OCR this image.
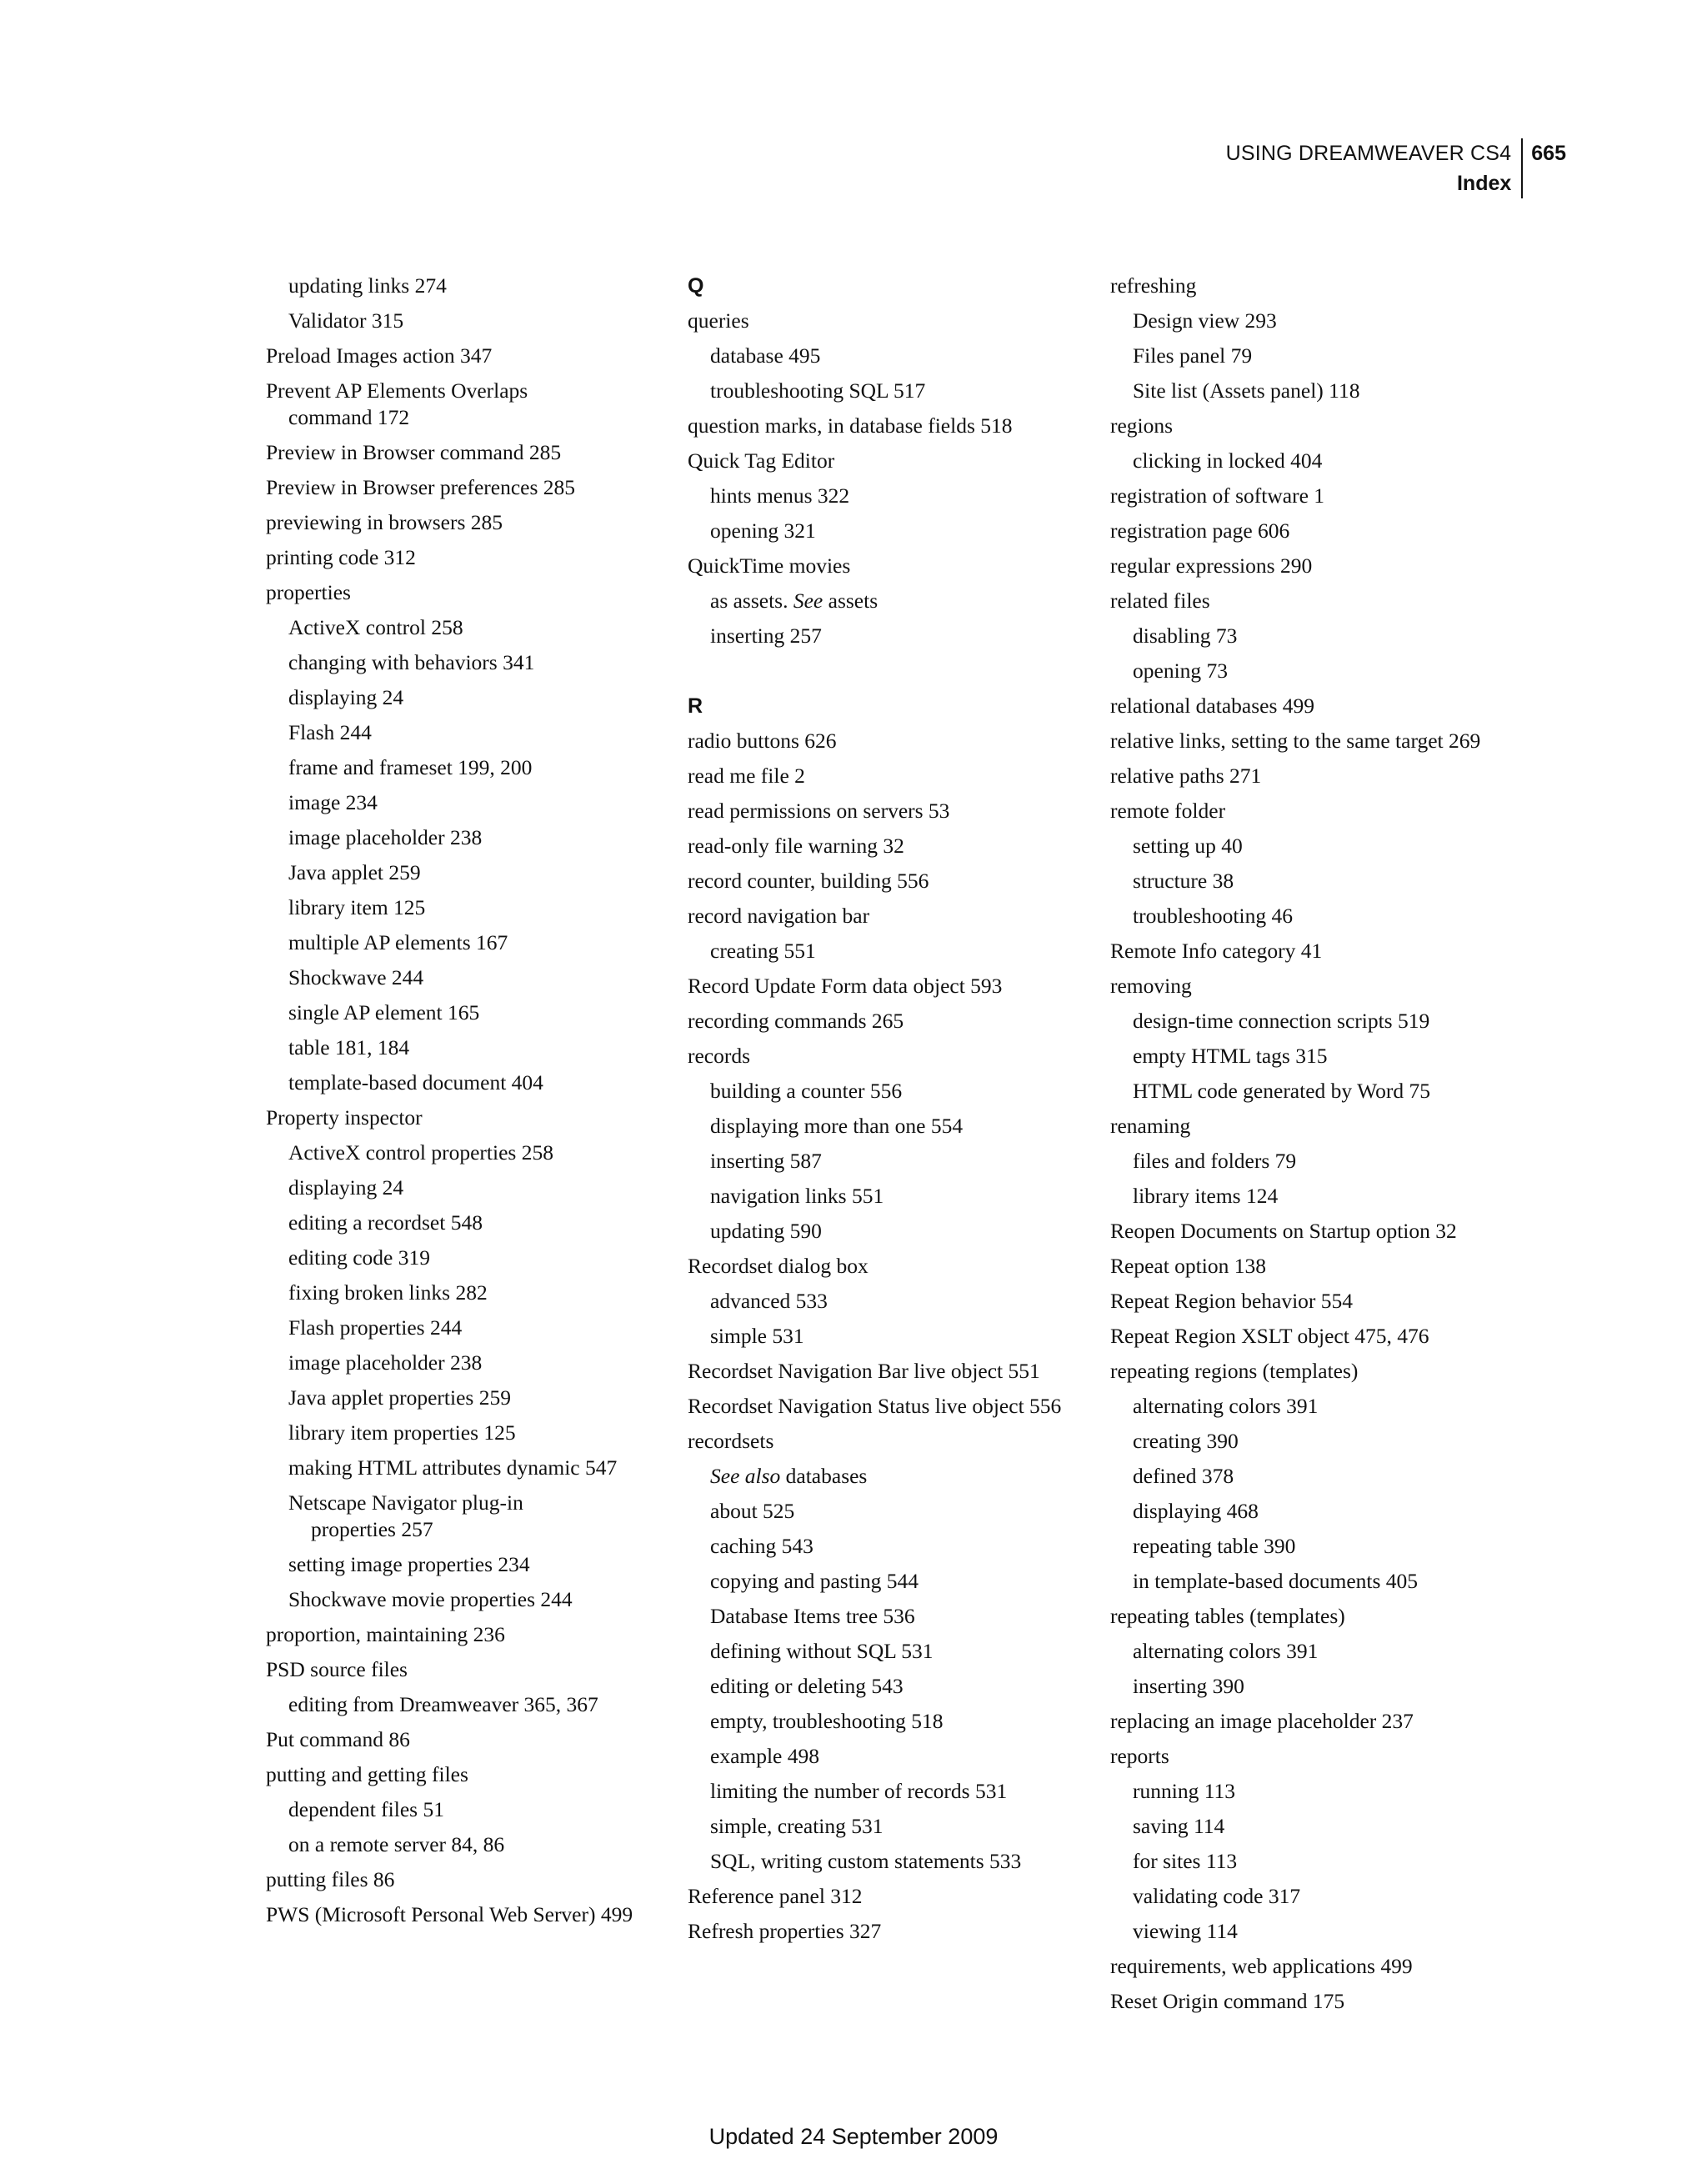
USING DREAMWEAVER CS4
Index
665
updating links 274
Validator 315
Preload Images action 347
Prevent AP Elements Overlaps
command 172
Preview in Browser command 285
Preview in Browser preferences 285
previewing in browsers 285
printing code 312
properties
ActiveX control 258
changing with behaviors 341
displaying 24
Flash 244
frame and frameset 199, 200
image 234
image placeholder 238
Java applet 259
library item 125
multiple AP elements 167
Shockwave 244
single AP element 165
table 181, 184
template-based document 404
Property inspector
ActiveX control properties 258
displaying 24
editing a recordset 548
editing code 319
fixing broken links 282
Flash properties 244
image placeholder 238
Java applet properties 259
library item properties 125
making HTML attributes dynamic 547
Netscape Navigator plug-in
properties 257
setting image properties 234
Shockwave movie properties 244
proportion, maintaining 236
PSD source files
editing from Dreamweaver 365, 367
Put command 86
putting and getting files
dependent files 51
on a remote server 84, 86
putting files 86
PWS (Microsoft Personal Web Server) 499
Q
queries
database 495
troubleshooting SQL 517
question marks, in database fields 518
Quick Tag Editor
hints menus 322
opening 321
QuickTime movies
as assets. See assets
inserting 257
R
radio buttons 626
read me file 2
read permissions on servers 53
read-only file warning 32
record counter, building 556
record navigation bar
creating 551
Record Update Form data object 593
recording commands 265
records
building a counter 556
displaying more than one 554
inserting 587
navigation links 551
updating 590
Recordset dialog box
advanced 533
simple 531
Recordset Navigation Bar live object 551
Recordset Navigation Status live object 556
recordsets
See also databases
about 525
caching 543
copying and pasting 544
Database Items tree 536
defining without SQL 531
editing or deleting 543
empty, troubleshooting 518
example 498
limiting the number of records 531
simple, creating 531
SQL, writing custom statements 533
Reference panel 312
Refresh properties 327
refreshing
Design view 293
Files panel 79
Site list (Assets panel) 118
regions
clicking in locked 404
registration of software 1
registration page 606
regular expressions 290
related files
disabling 73
opening 73
relational databases 499
relative links, setting to the same target 269
relative paths 271
remote folder
setting up 40
structure 38
troubleshooting 46
Remote Info category 41
removing
design-time connection scripts 519
empty HTML tags 315
HTML code generated by Word 75
renaming
files and folders 79
library items 124
Reopen Documents on Startup option 32
Repeat option 138
Repeat Region behavior 554
Repeat Region XSLT object 475, 476
repeating regions (templates)
alternating colors 391
creating 390
defined 378
displaying 468
repeating table 390
in template-based documents 405
repeating tables (templates)
alternating colors 391
inserting 390
replacing an image placeholder 237
reports
running 113
saving 114
for sites 113
validating code 317
viewing 114
requirements, web applications 499
Reset Origin command 175
Updated 24 September 2009
